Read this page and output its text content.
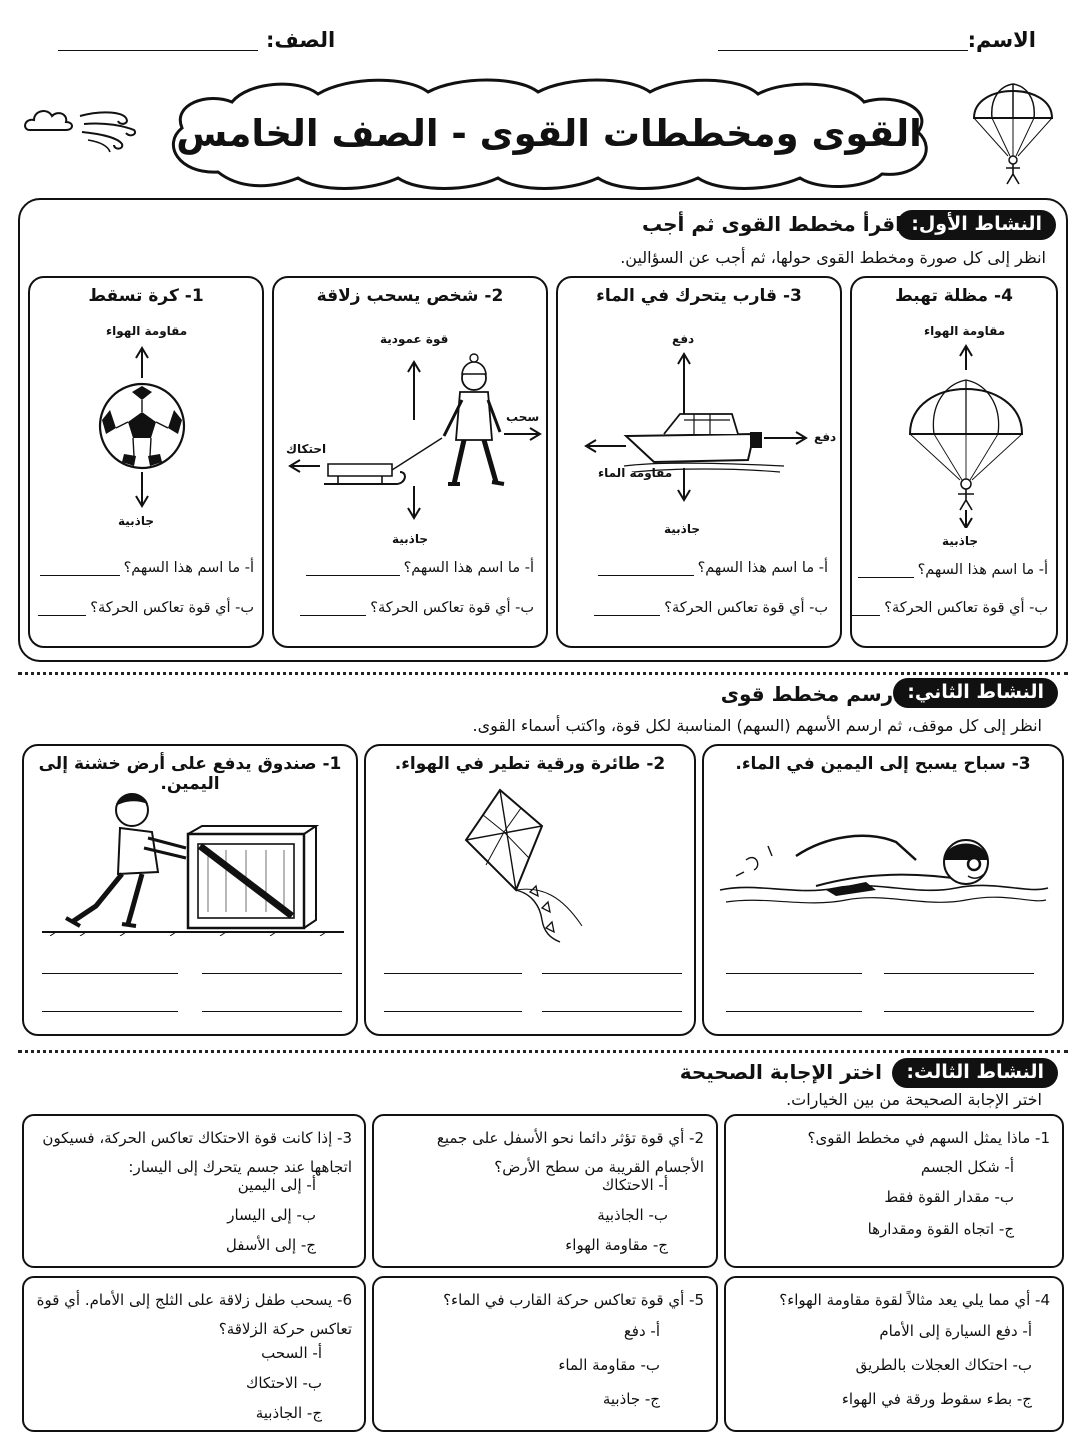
الاسم:
الصف:
القوى ومخططات القوى - الصف الخامس
النشاط الأول:
اقرأ مخطط القوى ثم أجب
انظر إلى كل صورة ومخطط القوى حولها، ثم أجب عن السؤالين.
4- مظلة تهبط
مقاومة الهواء
جاذبية
أ- ما اسم هذا السهم؟
ب- أي قوة تعاكس الحركة؟
3- قارب يتحرك في الماء
دفع
دفع
مقاومة الماء
جاذبية
أ- ما اسم هذا السهم؟
ب- أي قوة تعاكس الحركة؟
2- شخص يسحب زلاقة
قوة عمودية
سحب
احتكاك
جاذبية
أ- ما اسم هذا السهم؟
ب- أي قوة تعاكس الحركة؟
1- كرة تسقط
مقاومة الهواء
جاذبية
أ- ما اسم هذا السهم؟
ب- أي قوة تعاكس الحركة؟
النشاط الثاني:
ارسم مخطط قوى
انظر إلى كل موقف، ثم ارسم الأسهم (السهم) المناسبة لكل قوة، واكتب أسماء القوى.
3- سباح يسبح إلى اليمين في الماء.
2- طائرة ورقية تطير في الهواء.
1- صندوق يدفع على أرض خشنة إلى اليمين.
النشاط الثالث:
اختر الإجابة الصحيحة
اختر الإجابة الصحيحة من بين الخيارات.
1- ماذا يمثل السهم في مخطط القوى؟
أ- شكل الجسم
ب- مقدار القوة فقط
ج- اتجاه القوة ومقدارها
2- أي قوة تؤثر دائما نحو الأسفل على جميع الأجسام القريبة من سطح الأرض؟
أ- الاحتكاك
ب- الجاذبية
ج- مقاومة الهواء
3- إذا كانت قوة الاحتكاك تعاكس الحركة، فسيكون اتجاهها عند جسم يتحرك إلى اليسار:
أ- إلى اليمين
ب- إلى اليسار
ج- إلى الأسفل
4- أي مما يلي يعد مثالاً لقوة مقاومة الهواء؟
أ- دفع السيارة إلى الأمام
ب- احتكاك العجلات بالطريق
ج- بطء سقوط ورقة في الهواء
5- أي قوة تعاكس حركة القارب في الماء؟
أ- دفع
ب- مقاومة الماء
ج- جاذبية
6- يسحب طفل زلاقة على الثلج إلى الأمام. أي قوة تعاكس حركة الزلاقة؟
أ- السحب
ب- الاحتكاك
ج- الجاذبية
